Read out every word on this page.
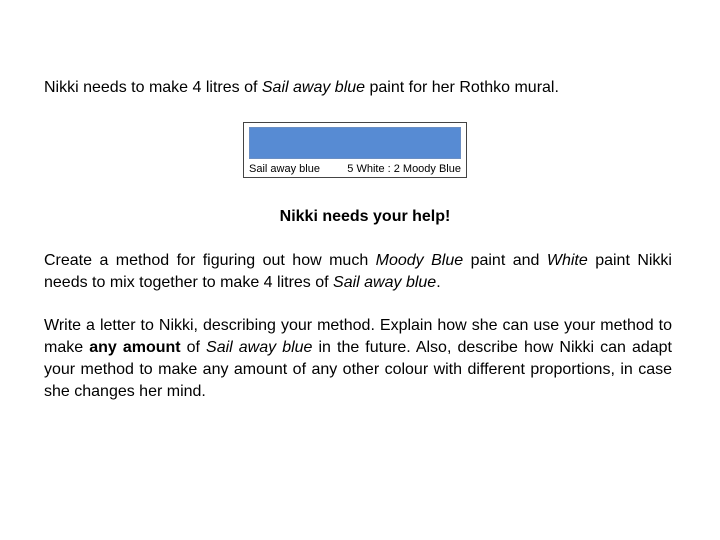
Nikki needs to make 4 litres of Sail away blue paint for her Rothko mural.

Sail away blue 5 White : 2 Moody Blue

Nikki needs your help!

Create a method for figuring out how much Moody Blue paint and White paint Nikki needs to mix together to make 4 litres of Sail away blue.

Write a letter to Nikki, describing your method. Explain how she can use your method to make any amount of Sail away blue in the future. Also, describe how Nikki can adapt your method to make any amount of any other colour with different proportions, in case she changes her mind.
